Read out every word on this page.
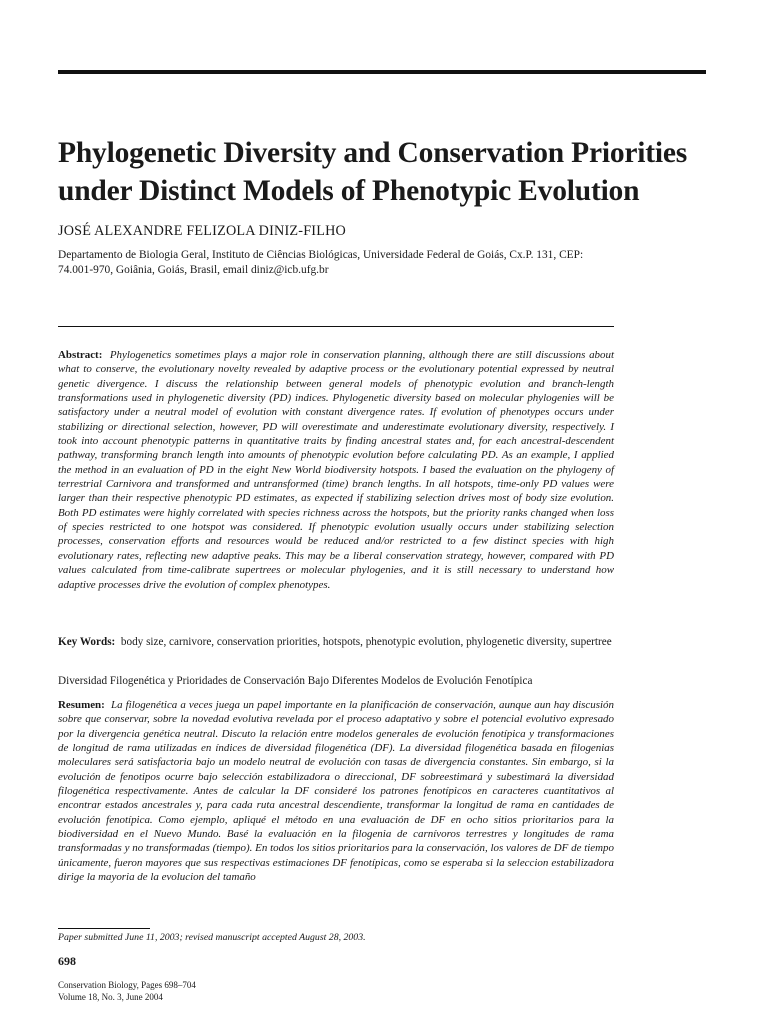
Phylogenetic Diversity and Conservation Priorities under Distinct Models of Phenotypic Evolution
JOSÉ ALEXANDRE FELIZOLA DINIZ-FILHO
Departamento de Biologia Geral, Instituto de Ciências Biológicas, Universidade Federal de Goiás, Cx.P. 131, CEP: 74.001-970, Goiânia, Goiás, Brasil, email diniz@icb.ufg.br
Abstract: Phylogenetics sometimes plays a major role in conservation planning, although there are still discussions about what to conserve, the evolutionary novelty revealed by adaptive process or the evolutionary potential expressed by neutral genetic divergence. I discuss the relationship between general models of phenotypic evolution and branch-length transformations used in phylogenetic diversity (PD) indices. Phylogenetic diversity based on molecular phylogenies will be satisfactory under a neutral model of evolution with constant divergence rates. If evolution of phenotypes occurs under stabilizing or directional selection, however, PD will overestimate and underestimate evolutionary diversity, respectively. I took into account phenotypic patterns in quantitative traits by finding ancestral states and, for each ancestral-descendent pathway, transforming branch length into amounts of phenotypic evolution before calculating PD. As an example, I applied the method in an evaluation of PD in the eight New World biodiversity hotspots. I based the evaluation on the phylogeny of terrestrial Carnivora and transformed and untransformed (time) branch lengths. In all hotspots, time-only PD values were larger than their respective phenotypic PD estimates, as expected if stabilizing selection drives most of body size evolution. Both PD estimates were highly correlated with species richness across the hotspots, but the priority ranks changed when loss of species restricted to one hotspot was considered. If phenotypic evolution usually occurs under stabilizing selection processes, conservation efforts and resources would be reduced and/or restricted to a few distinct species with high evolutionary rates, reflecting new adaptive peaks. This may be a liberal conservation strategy, however, compared with PD values calculated from time-calibrate supertrees or molecular phylogenies, and it is still necessary to understand how adaptive processes drive the evolution of complex phenotypes.
Key Words: body size, carnivore, conservation priorities, hotspots, phenotypic evolution, phylogenetic diversity, supertree
Diversidad Filogenética y Prioridades de Conservación Bajo Diferentes Modelos de Evolución Fenotípica
Resumen: La filogenética a veces juega un papel importante en la planificación de conservación, aunque aun hay discusión sobre que conservar, sobre la novedad evolutiva revelada por el proceso adaptativo y sobre el potencial evolutivo expresado por la divergencia genética neutral. Discuto la relación entre modelos generales de evolución fenotípica y transformaciones de longitud de rama utilizadas en índices de diversidad filogenética (DF). La diversidad filogenética basada en filogenias moleculares será satisfactoria bajo un modelo neutral de evolución con tasas de divergencia constantes. Sin embargo, si la evolución de fenotipos ocurre bajo selección estabilizadora o direccional, DF sobreestimará y subestimará la diversidad filogenética respectivamente. Antes de calcular la DF consideré los patrones fenotípicos en caracteres cuantitativos al encontrar estados ancestrales y, para cada ruta ancestral descendiente, transformar la longitud de rama en cantidades de evolución fenotípica. Como ejemplo, apliqué el método en una evaluación de DF en ocho sitios prioritarios para la biodiversidad en el Nuevo Mundo. Basé la evaluación en la filogenia de carnívoros terrestres y longitudes de rama transformadas y no transformadas (tiempo). En todos los sitios prioritarios para la conservación, los valores de DF de tiempo únicamente, fueron mayores que sus respectivas estimaciones DF fenotípicas, como se esperaba si la seleccion estabilizadora dirige la mayoria de la evolucion del tamaño
Paper submitted June 11, 2003; revised manuscript accepted August 28, 2003.
698
Conservation Biology, Pages 698–704
Volume 18, No. 3, June 2004
